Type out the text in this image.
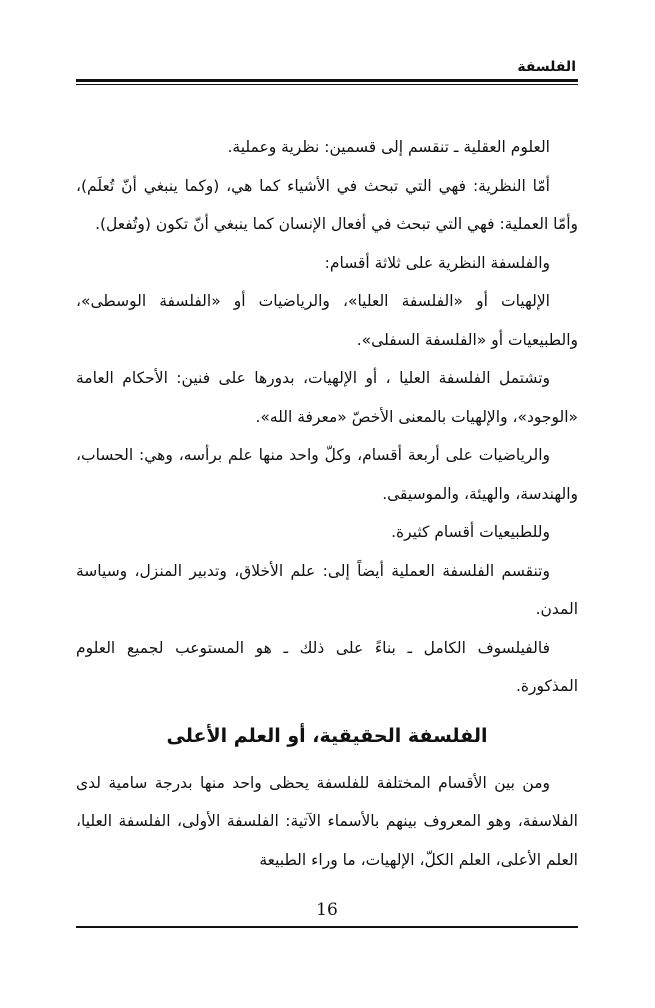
الفلسفة

العلوم العقلية ـ تنقسم إلى قسمين: نظرية وعملية.

أمّا النظرية: فهي التي تبحث في الأشياء كما هي، (وكما ينبغي أنّ تُعلَم)، وأمّا العملية: فهي التي تبحث في أفعال الإنسان كما ينبغي أنّ تكون (وتُفعل).

والفلسفة النظرية على ثلاثة أقسام:

الإلهيات أو «الفلسفة العليا»، والرياضيات أو «الفلسفة الوسطى»، والطبيعيات أو «الفلسفة السفلى».

وتشتمل الفلسفة العليا ، أو الإلهيات، بدورها على فنين: الأحكام العامة «الوجود»، والإلهيات بالمعنى الأخصّ «معرفة الله».

والرياضيات على أربعة أقسام، وكلّ واحد منها علم برأسه، وهي: الحساب، والهندسة، والهيئة، والموسيقى.

وللطبيعيات أقسام كثيرة.

وتنقسم الفلسفة العملية أيضاً إلى: علم الأخلاق، وتدبير المنزل، وسياسة المدن.

فالفيلسوف الكامل ـ بناءً على ذلك ـ هو المستوعب لجميع العلوم المذكورة.

الفلسفة الحقيقية، أو العلم الأعلى

ومن بين الأقسام المختلفة للفلسفة يحظى واحد منها بدرجة سامية لدى الفلاسفة، وهو المعروف بينهم بالأسماء الآتية: الفلسفة الأولى، الفلسفة العليا، العلم الأعلى، العلم الكلّ، الإلهيات، ما وراء الطبيعة

16
